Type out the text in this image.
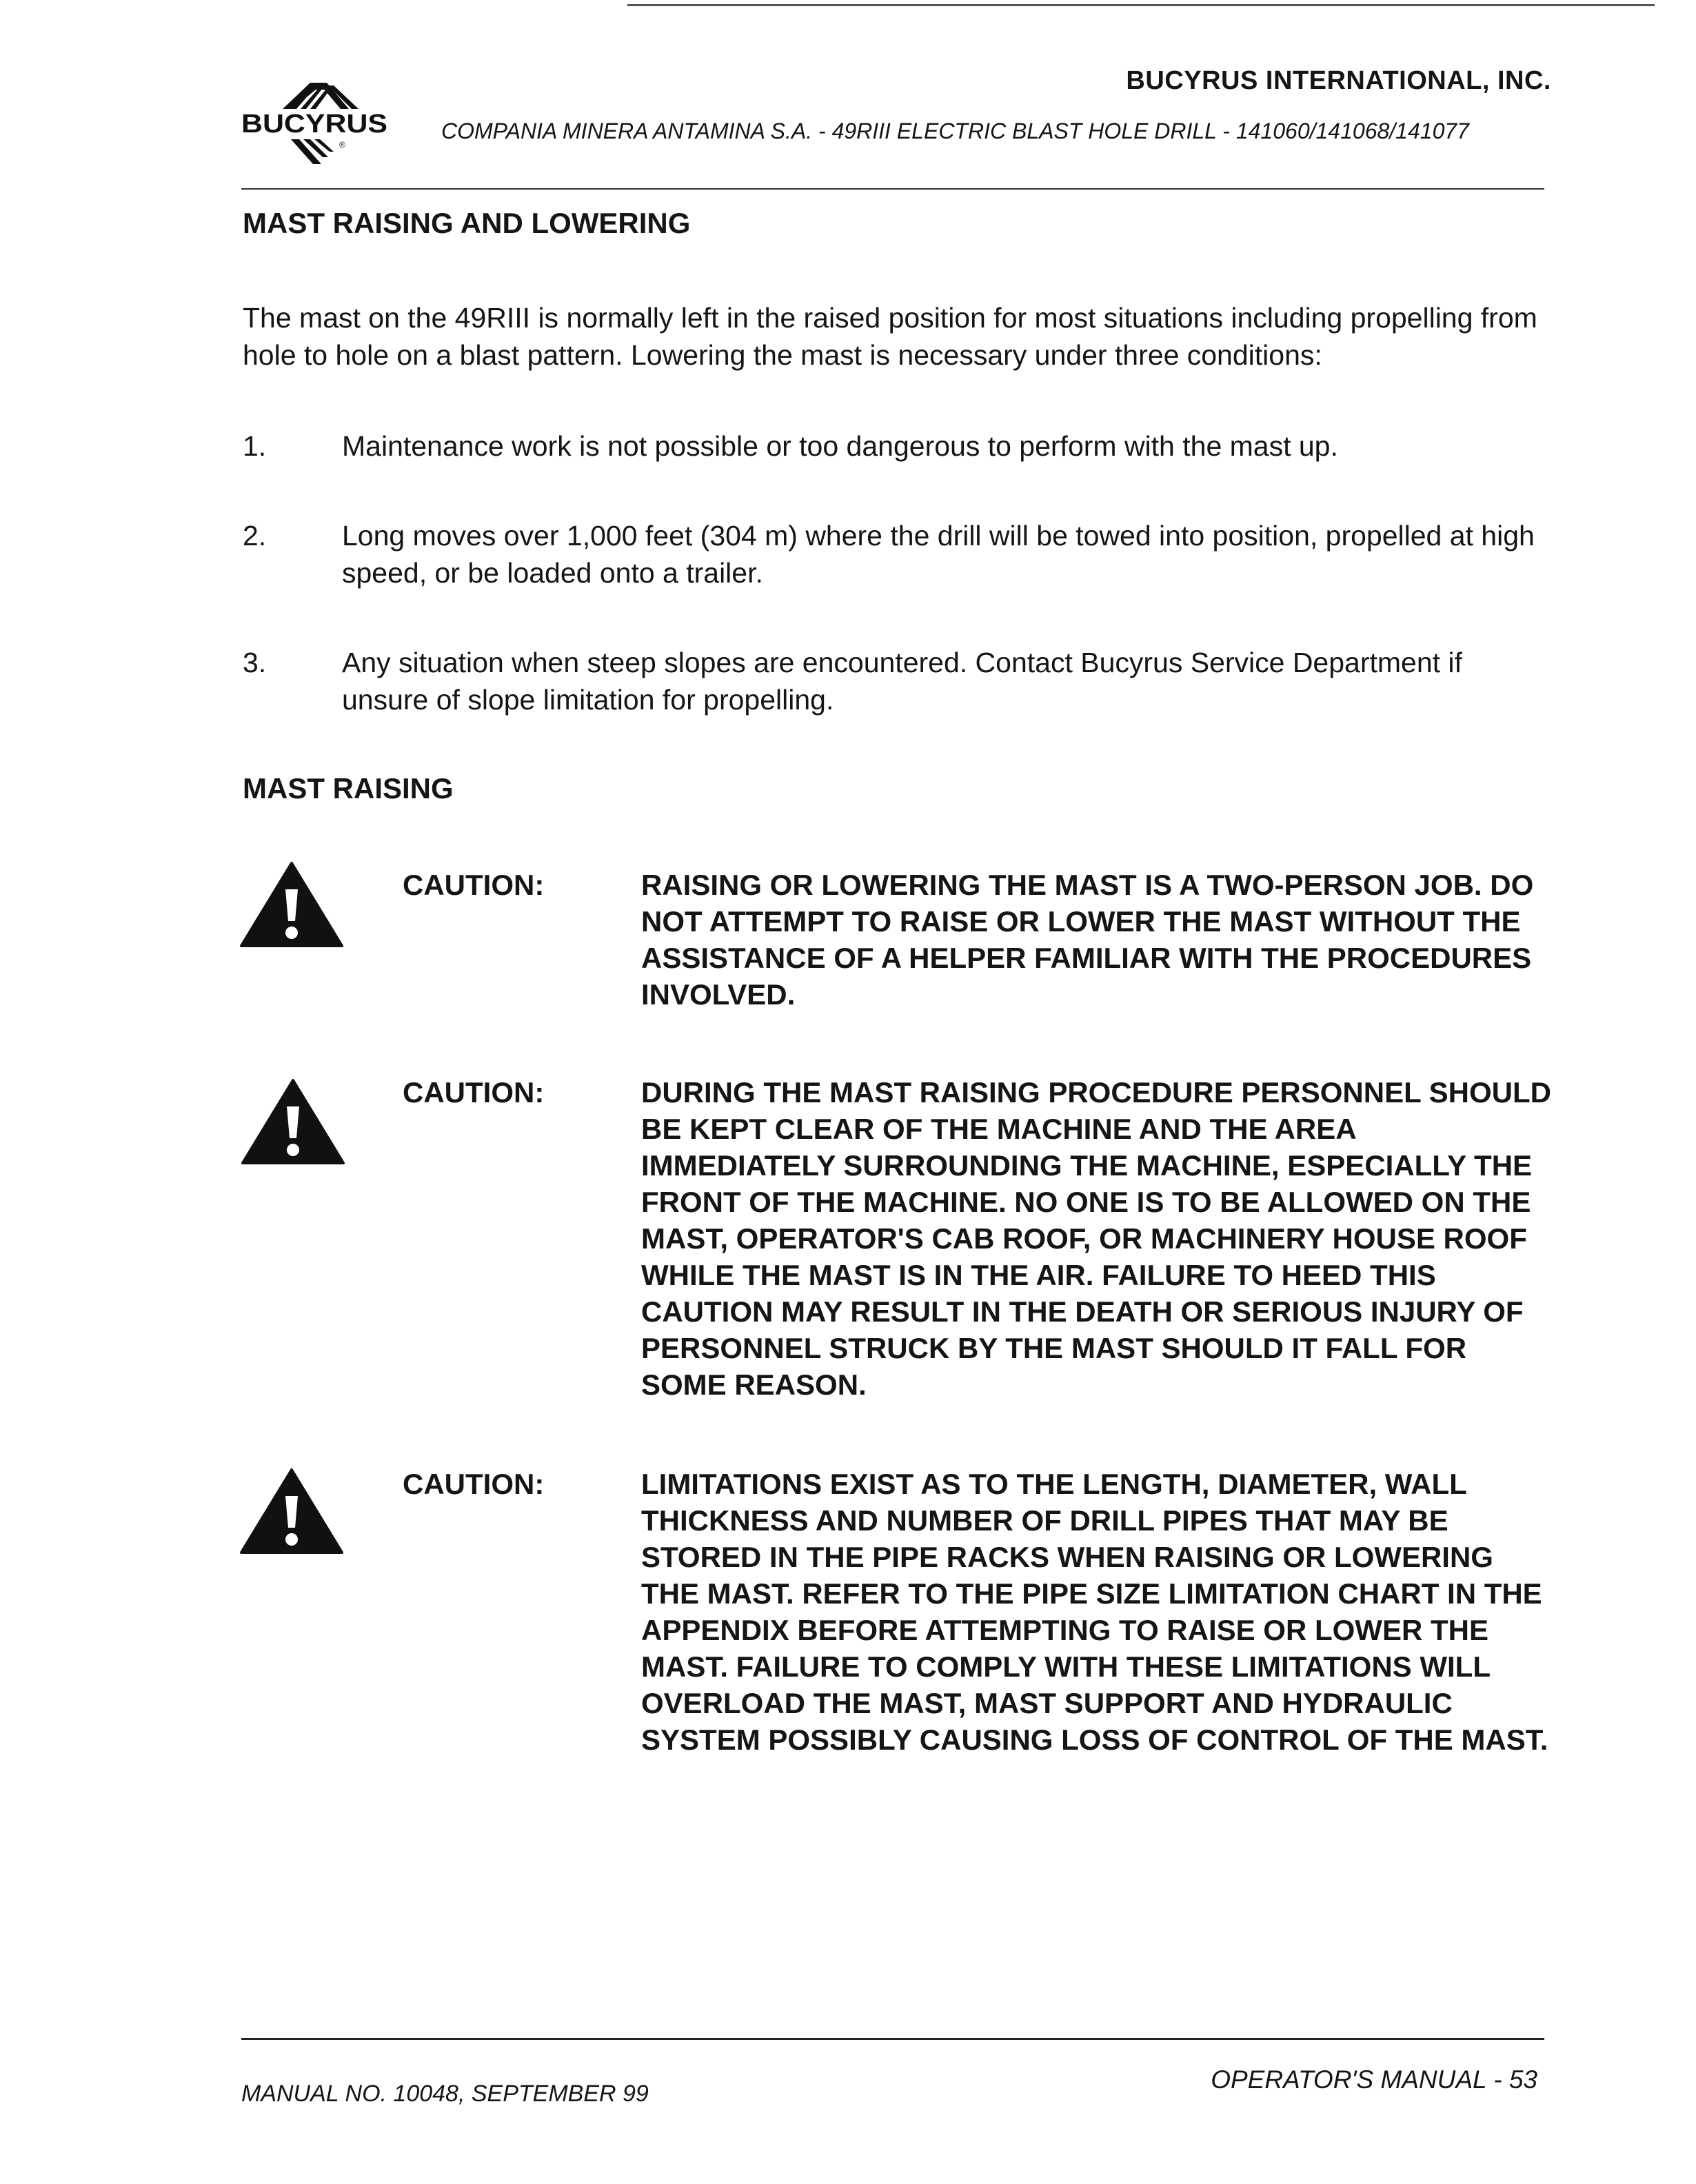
BUCYRUS
®
BUCYRUS INTERNATIONAL, INC.
COMPANIA MINERA ANTAMINA S.A. - 49RIII ELECTRIC BLAST HOLE DRILL - 141060/141068/141077
MAST RAISING AND LOWERING

The mast on the 49RIII is normally left in the raised position for most situations including propelling from hole to hole on a blast pattern. Lowering the mast is necessary under three conditions:

1.	Maintenance work is not possible or too dangerous to perform with the mast up.

2.	Long moves over 1,000 feet (304 m) where the drill will be towed into position, propelled at high speed, or be loaded onto a trailer.

3.	Any situation when steep slopes are encountered. Contact Bucyrus Service Department if unsure of slope limitation for propelling.

MAST RAISING
CAUTION:	RAISING OR LOWERING THE MAST IS A TWO-PERSON JOB. DO NOT ATTEMPT TO RAISE OR LOWER THE MAST WITHOUT THE ASSISTANCE OF A HELPER FAMILIAR WITH THE PROCEDURES INVOLVED.

CAUTION:	DURING THE MAST RAISING PROCEDURE PERSONNEL SHOULD BE KEPT CLEAR OF THE MACHINE AND THE AREA IMMEDIATELY SURROUNDING THE MACHINE, ESPECIALLY THE FRONT OF THE MACHINE. NO ONE IS TO BE ALLOWED ON THE MAST, OPERATOR'S CAB ROOF, OR MACHINERY HOUSE ROOF WHILE THE MAST IS IN THE AIR. FAILURE TO HEED THIS CAUTION MAY RESULT IN THE DEATH OR SERIOUS INJURY OF PERSONNEL STRUCK BY THE MAST SHOULD IT FALL FOR SOME REASON.

CAUTION:	LIMITATIONS EXIST AS TO THE LENGTH, DIAMETER, WALL THICKNESS AND NUMBER OF DRILL PIPES THAT MAY BE STORED IN THE PIPE RACKS WHEN RAISING OR LOWERING THE MAST. REFER TO THE PIPE SIZE LIMITATION CHART IN THE APPENDIX BEFORE ATTEMPTING TO RAISE OR LOWER THE MAST. FAILURE TO COMPLY WITH THESE LIMITATIONS WILL OVERLOAD THE MAST, MAST SUPPORT AND HYDRAULIC SYSTEM POSSIBLY CAUSING LOSS OF CONTROL OF THE MAST.

MANUAL NO. 10048, SEPTEMBER 99	OPERATOR'S MANUAL - 53
